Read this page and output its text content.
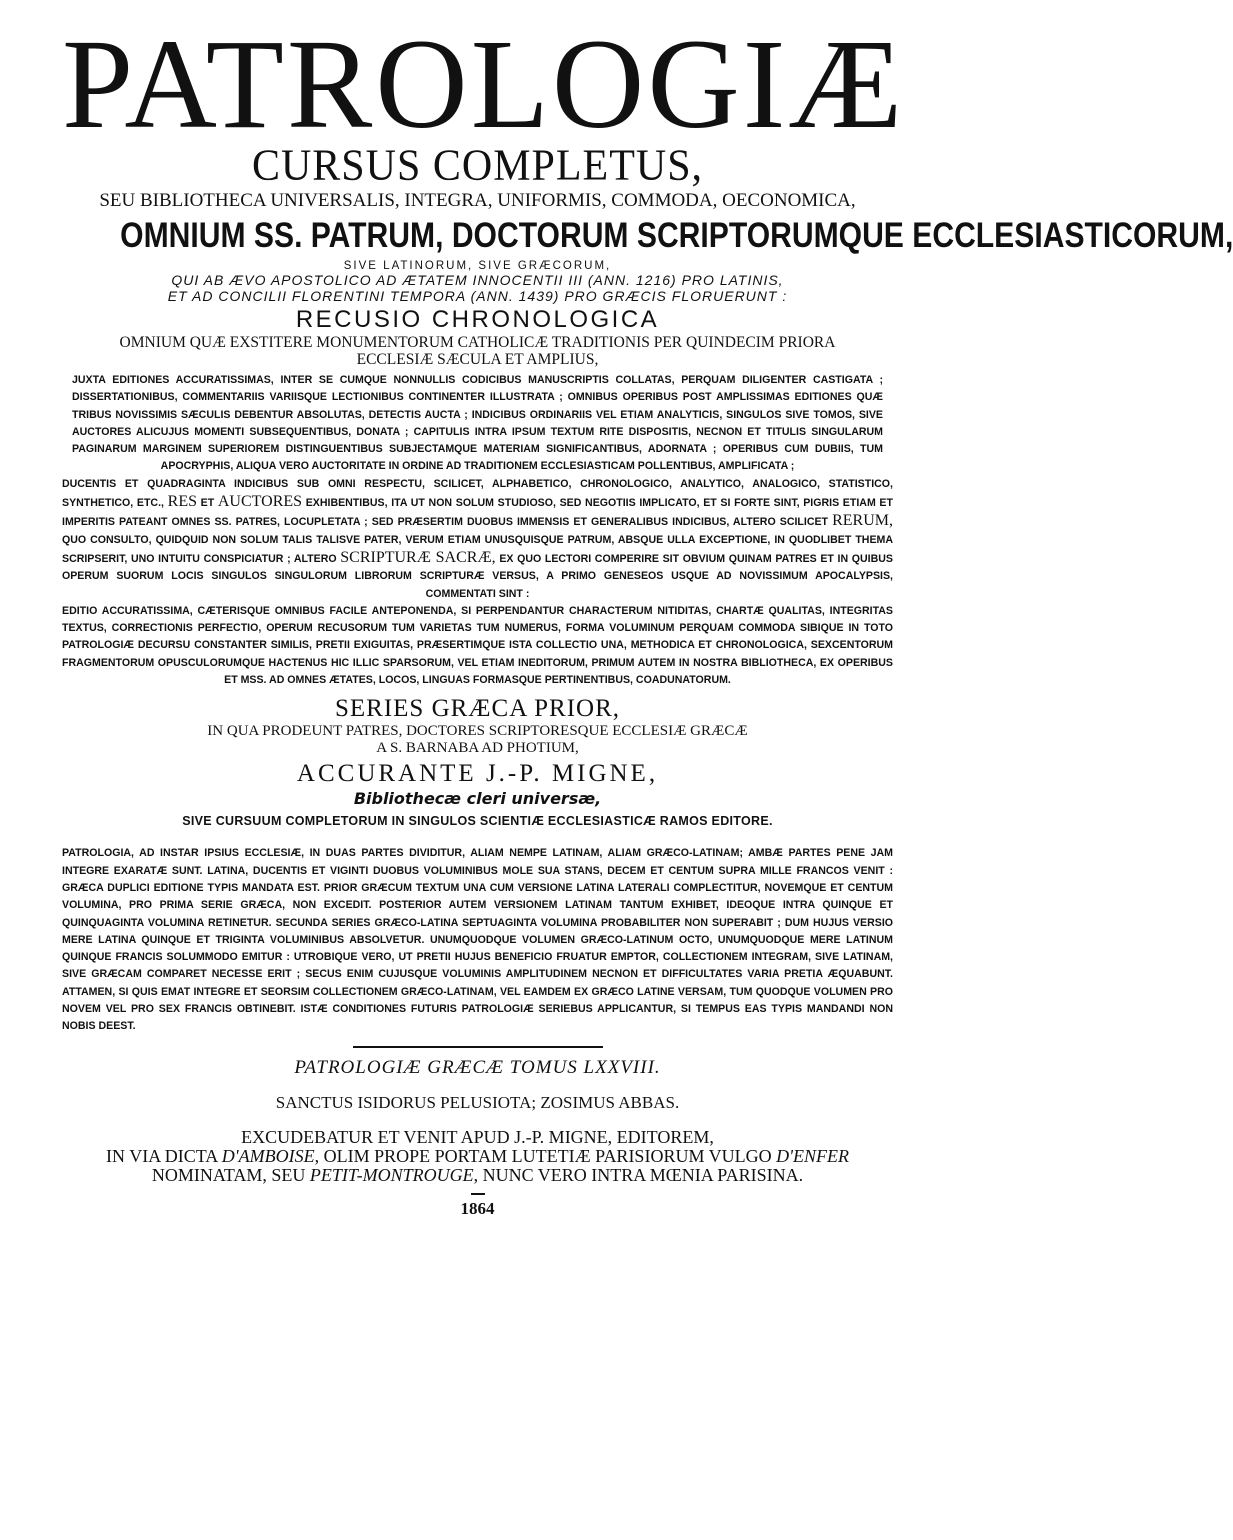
PATROLOGIÆ
CURSUS COMPLETUS,
SEU BIBLIOTHECA UNIVERSALIS, INTEGRA, UNIFORMIS, COMMODA, OECONOMICA,
OMNIUM SS. PATRUM, DOCTORUM SCRIPTORUMQUE ECCLESIASTICORUM,
SIVE LATINORUM, SIVE GRÆCORUM,
QUI AB ÆVO APOSTOLICO AD ÆTATEM INNOCENTII III (ANN. 1216) PRO LATINIS,
ET AD CONCILII FLORENTINI TEMPORA (ANN. 1439) PRO GRÆCIS FLORUERUNT :
RECUSIO CHRONOLOGICA
OMNIUM QUÆ EXSTITERE MONUMENTORUM CATHOLICÆ TRADITIONIS PER QUINDECIM PRIORA
ECCLESIÆ SÆCULA ET AMPLIUS,
JUXTA EDITIONES ACCURATISSIMAS, INTER SE CUMQUE NONNULLIS CODICIBUS MANUSCRIPTIS COLLATAS, PERQUAM DILIGENTER CASTIGATA ; DISSERTATIONIBUS, COMMENTARIIS VARIISQUE LECTIONIBUS CONTINENTER ILLUSTRATA ; OMNIBUS OPERIBUS POST AMPLISSIMAS EDITIONES QUÆ TRIBUS NOVISSIMIS SÆCULIS DEBENTUR ABSOLUTAS, DETECTIS AUCTA ; INDICIBUS ORDINARIIS VEL ETIAM ANALYTICIS, SINGULOS SIVE TOMOS, SIVE AUCTORES ALICUJUS MOMENTI SUBSEQUENTIBUS, DONATA ; CAPITULIS INTRA IPSUM TEXTUM RITE DISPOSITIS, NECNON ET TITULIS SINGULARUM PAGINARUM MARGINEM SUPERIOREM DISTINGUENTIBUS SUBJECTAMQUE MATERIAM SIGNIFICANTIBUS, ADORNATA ; OPERIBUS CUM DUBIIS, TUM APOCRYPHIS, ALIQUA VERO AUCTORITATE IN ORDINE AD TRADITIONEM ECCLESIASTICAM POLLENTIBUS, AMPLIFICATA ;
DUCENTIS ET QUADRAGINTA INDICIBUS SUB OMNI RESPECTU, SCILICET, ALPHABETICO, CHRONOLOGICO, ANALYTICO, ANALOGICO, STATISTICO, SYNTHETICO, ETC., RES ET AUCTORES EXHIBENTIBUS, ITA UT NON SOLUM STUDIOSO, SED NEGOTIIS IMPLICATO, ET SI FORTE SINT, PIGRIS ETIAM ET IMPERITIS PATEANT OMNES SS. PATRES, LOCUPLETATA ; SED PRÆSERTIM DUOBUS IMMENSIS ET GENERALIBUS INDICIBUS, ALTERO SCILICET RERUM, QUO CONSULTO, QUIDQUID NON SOLUM TALIS TALISVE PATER, VERUM ETIAM UNUSQUISQUE PATRUM, ABSQUE ULLA EXCEPTIONE, IN QUODLIBET THEMA SCRIPSERIT, UNO INTUITU CONSPICIATUR ; ALTERO SCRIPTURÆ SACRÆ, EX QUO LECTORI COMPERIRE SIT OBVIUM QUINAM PATRES ET IN QUIBUS OPERUM SUORUM LOCIS SINGULOS SINGULORUM LIBRORUM SCRIPTURÆ VERSUS, A PRIMO GENESEOS USQUE AD NOVISSIMUM APOCALYPSIS, COMMENTATI SINT :
EDITIO ACCURATISSIMA, CÆTERISQUE OMNIBUS FACILE ANTEPONENDA, SI PERPENDANTUR CHARACTERUM NITIDITAS, CHARTÆ QUALITAS, INTEGRITAS TEXTUS, CORRECTIONIS PERFECTIO, OPERUM RECUSORUM TUM VARIETAS TUM NUMERUS, FORMA VOLUMINUM PERQUAM COMMODA SIBIQUE IN TOTO PATROLOGIÆ DECURSU CONSTANTER SIMILIS, PRETII EXIGUITAS, PRÆSERTIMQUE ISTA COLLECTIO UNA, METHODICA ET CHRONOLOGICA, SEXCENTORUM FRAGMENTORUM OPUSCULORUMQUE HACTENUS HIC ILLIC SPARSORUM, VEL ETIAM INEDITORUM, PRIMUM AUTEM IN NOSTRA BIBLIOTHECA, EX OPERIBUS ET MSS. AD OMNES ÆTATES, LOCOS, LINGUAS FORMASQUE PERTINENTIBUS, COADUNATORUM.
SERIES GRÆCA PRIOR,
IN QUA PRODEUNT PATRES, DOCTORES SCRIPTORESQUE ECCLESIÆ GRÆCÆ
A S. BARNABA AD PHOTIUM,
ACCURANTE J.-P. MIGNE,
Bibliothecæ cleri universæ,
SIVE CURSUUM COMPLETORUM IN SINGULOS SCIENTIÆ ECCLESIASTICÆ RAMOS EDITORE.
PATROLOGIA, AD INSTAR IPSIUS ECCLESIÆ, IN DUAS PARTES DIVIDITUR, ALIAM NEMPE LATINAM, ALIAM GRÆCO-LATINAM; AMBÆ PARTES PENE JAM INTEGRE EXARATÆ SUNT. LATINA, DUCENTIS ET VIGINTI DUOBUS VOLUMINIBUS MOLE SUA STANS, DECEM ET CENTUM SUPRA MILLE FRANCOS VENIT : GRÆCA DUPLICI EDITIONE TYPIS MANDATA EST. PRIOR GRÆCUM TEXTUM UNA CUM VERSIONE LATINA LATERALI COMPLECTITUR, NOVEMQUE ET CENTUM VOLUMINA, PRO PRIMA SERIE GRÆCA, NON EXCEDIT. POSTERIOR AUTEM VERSIONEM LATINAM TANTUM EXHIBET, IDEOQUE INTRA QUINQUE ET QUINQUAGINTA VOLUMINA RETINETUR. SECUNDA SERIES GRÆCO-LATINA SEPTUAGINTA VOLUMINA PROBABILITER NON SUPERABIT ; DUM HUJUS VERSIO MERE LATINA QUINQUE ET TRIGINTA VOLUMINIBUS ABSOLVETUR. UNUMQUODQUE VOLUMEN GRÆCO-LATINUM OCTO, UNUMQUODQUE MERE LATINUM QUINQUE FRANCIS SOLUMMODO EMITUR : UTROBIQUE VERO, UT PRETII HUJUS BENEFICIO FRUATUR EMPTOR, COLLECTIONEM INTEGRAM, SIVE LATINAM, SIVE GRÆCAM COMPARET NECESSE ERIT ; SECUS ENIM CUJUSQUE VOLUMINIS AMPLITUDINEM NECNON ET DIFFICULTATES VARIA PRETIA ÆQUABUNT. ATTAMEN, SI QUIS EMAT INTEGRE ET SEORSIM COLLECTIONEM GRÆCO-LATINAM, VEL EAMDEM EX GRÆCO LATINE VERSAM, TUM QUODQUE VOLUMEN PRO NOVEM VEL PRO SEX FRANCIS OBTINEBIT. ISTÆ CONDITIONES FUTURIS PATROLOGIÆ SERIEBUS APPLICANTUR, SI TEMPUS EAS TYPIS MANDANDI NON NOBIS DEEST.
PATROLOGIÆ GRÆCÆ TOMUS LXXVIII.
SANCTUS ISIDORUS PELUSIOTA; ZOSIMUS ABBAS.
EXCUDEBATUR ET VENIT APUD J.-P. MIGNE, EDITOREM,
IN VIA DICTA D'AMBOISE, OLIM PROPE PORTAM LUTETIÆ PARISIORUM VULGO D'ENFER
NOMINATAM, SEU PETIT-MONTROUGE, NUNC VERO INTRA MŒNIA PARISINA.
1864
